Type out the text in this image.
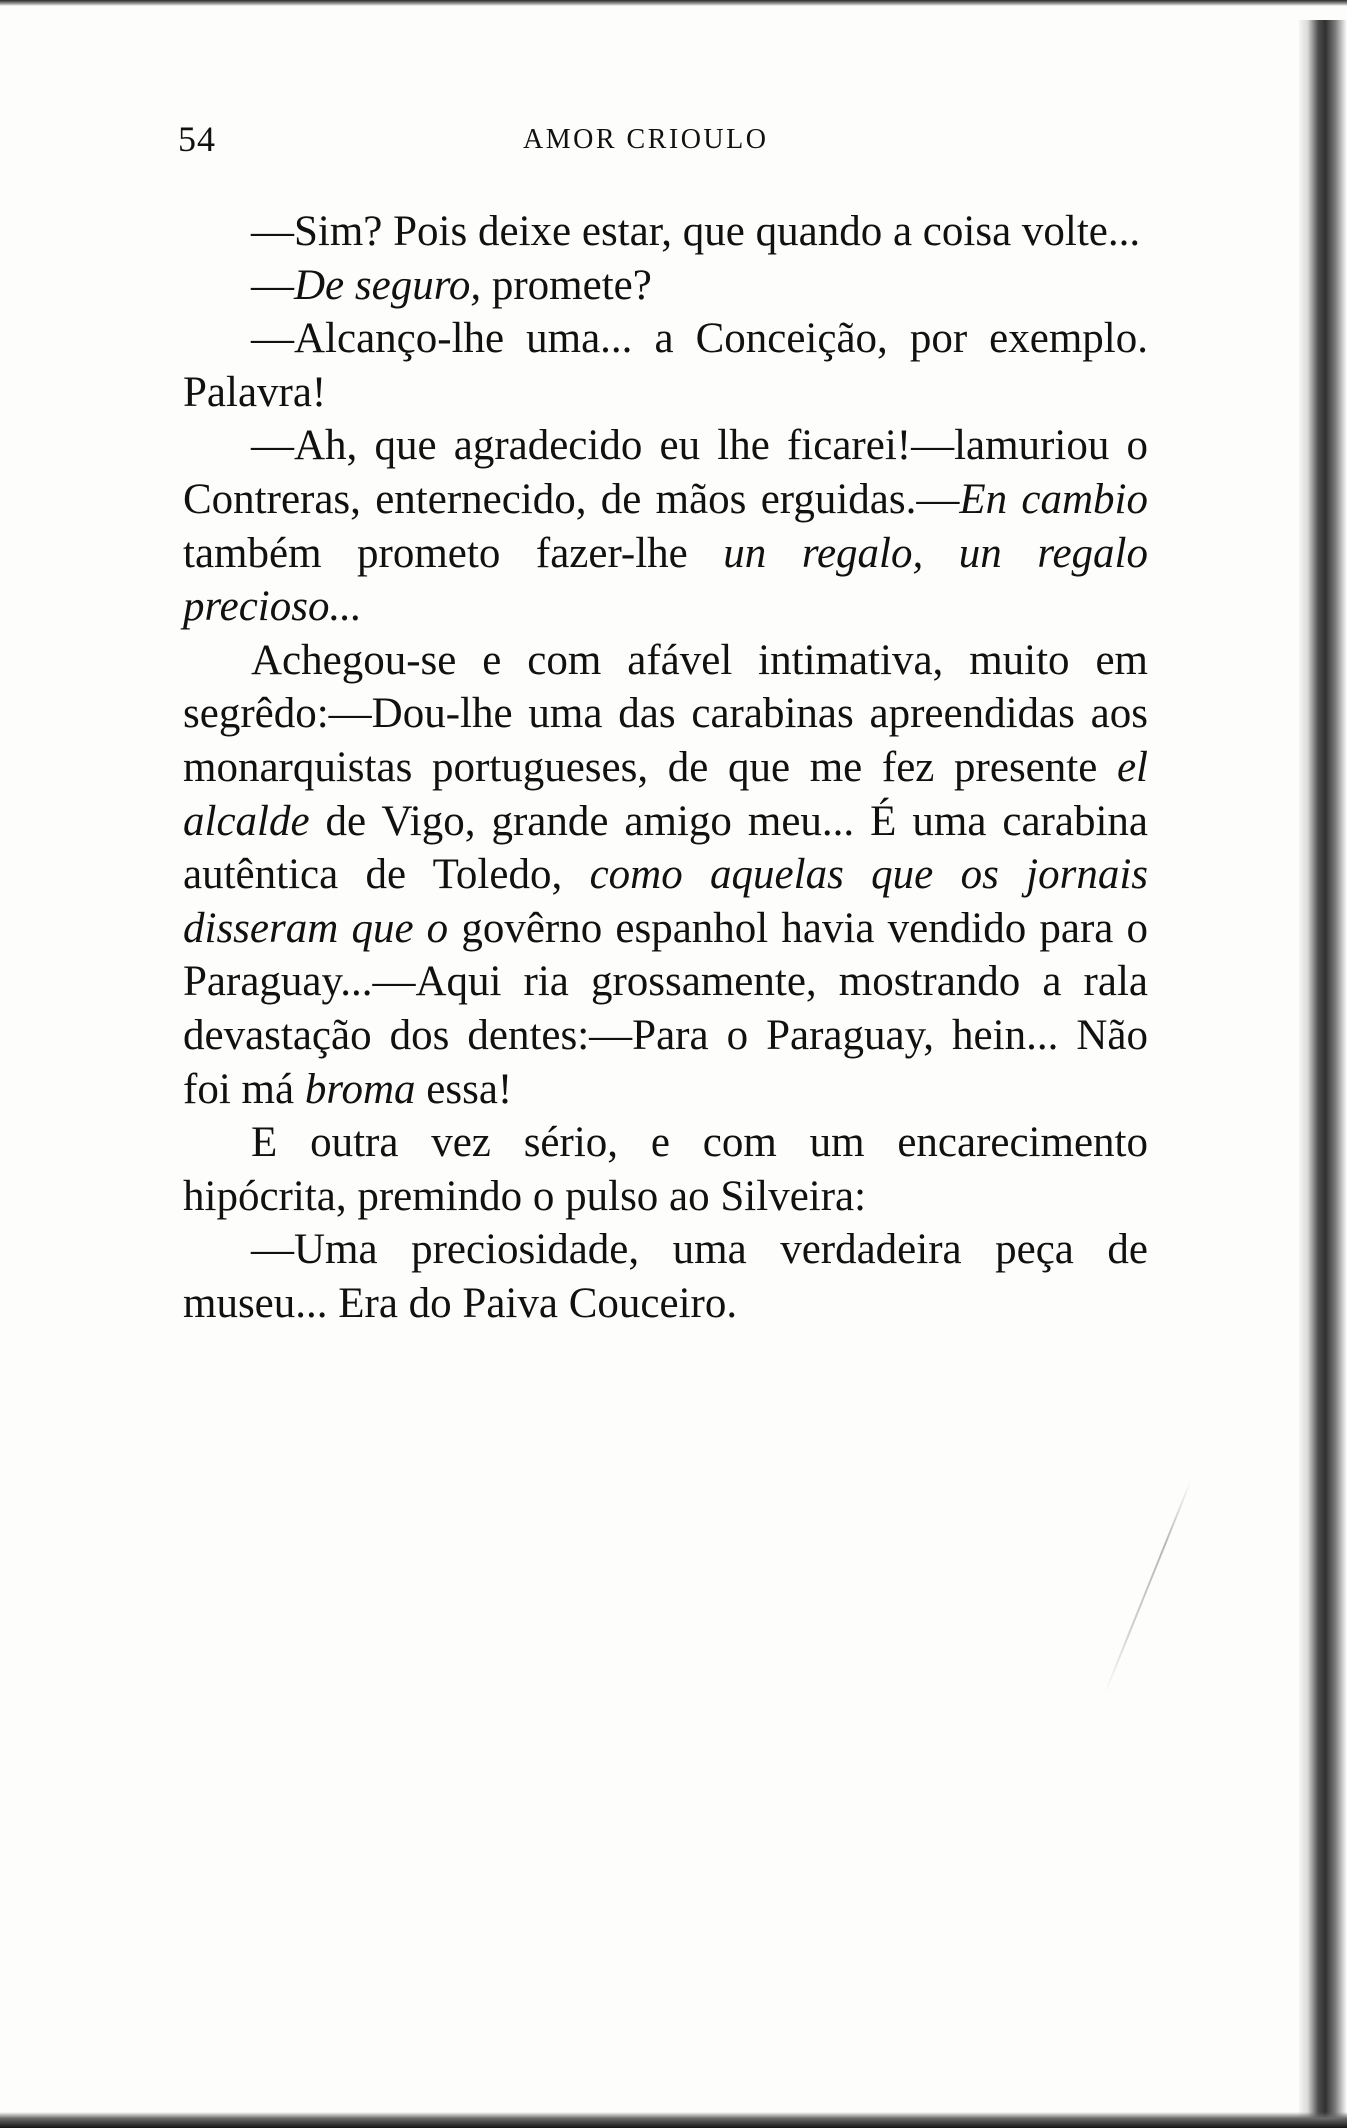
54	AMOR CRIOULO

—Sim? Pois deixe estar, que quando a coisa volte...

—De seguro, promete?

—Alcanço-lhe uma... a Conceição, por exemplo. Palavra!

—Ah, que agradecido eu lhe ficarei!—lamuriou o Contreras, enternecido, de mãos erguidas.—En cambio também prometo fazer-lhe un regalo, un regalo precioso...

Achegou-se e com afável intimativa, muito em segrêdo:—Dou-lhe uma das carabinas apreendidas aos monarquistas portugueses, de que me fez presente el alcalde de Vigo, grande amigo meu... É uma carabina autêntica de Toledo, como aquelas que os jornais disseram que o govêrno espanhol havia vendido para o Paraguay...—Aqui ria grossamente, mostrando a rala devastação dos dentes:—Para o Paraguay, hein... Não foi má broma essa!

E outra vez sério, e com um encarecimento hipócrita, premindo o pulso ao Silveira:

—Uma preciosidade, uma verdadeira peça de museu... Era do Paiva Couceiro.
